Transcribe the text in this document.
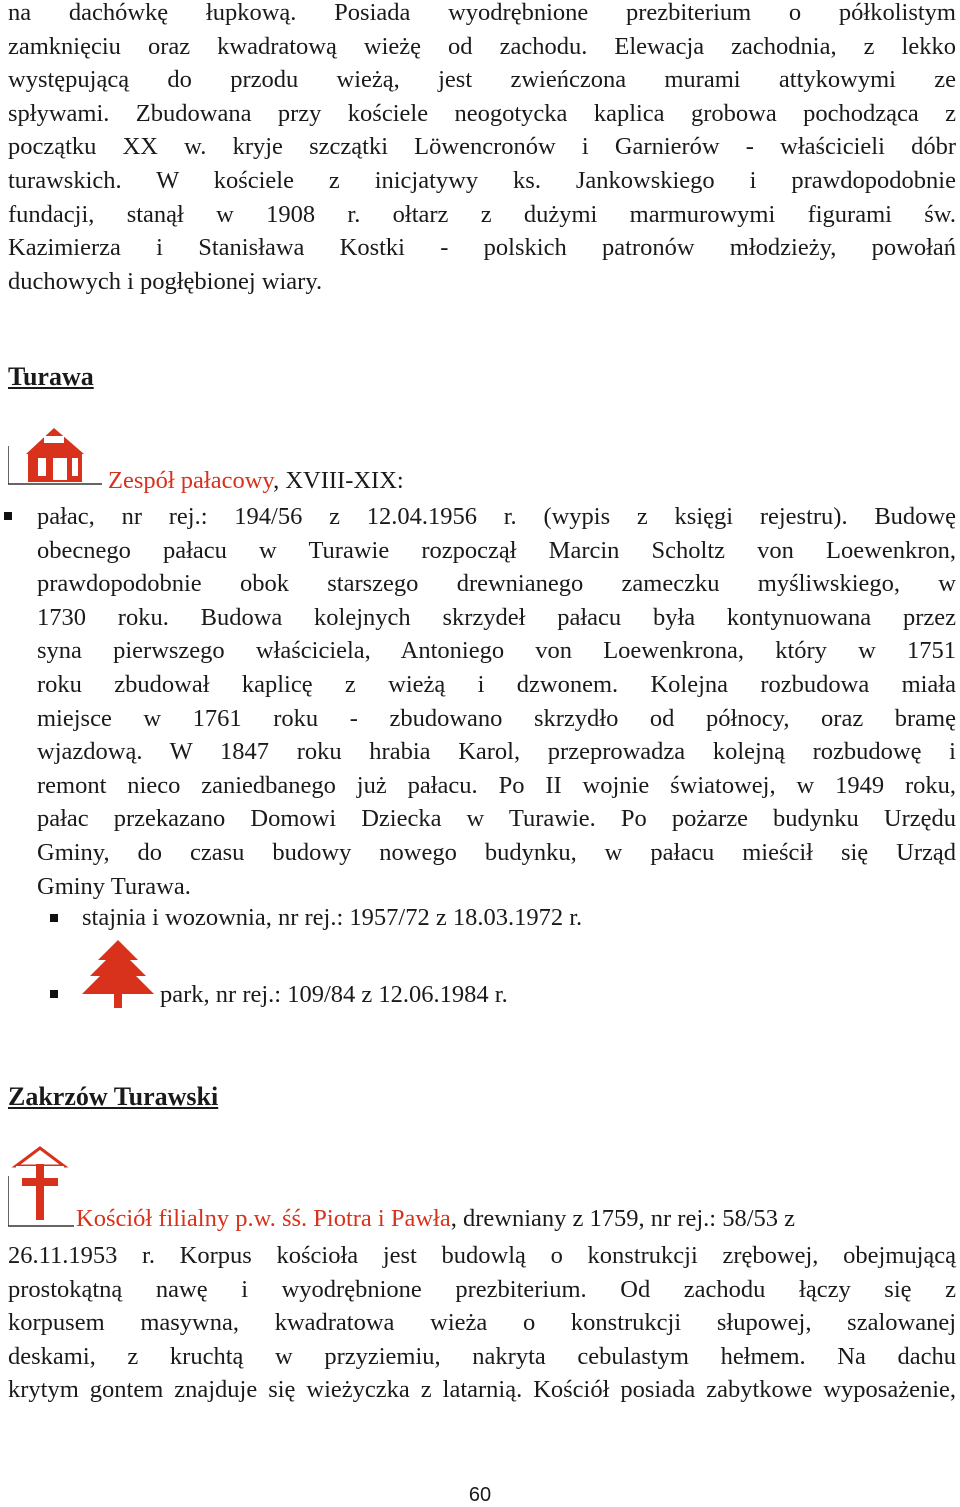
na dachówkę łupkową. Posiada wyodrębnione prezbiterium o półkolistym

zamknięciu oraz kwadratową wieżę od zachodu. Elewacja zachodnia, z lekko

występującą do przodu wieżą, jest zwieńczona murami attykowymi ze

spływami. Zbudowana przy kościele neogotycka kaplica grobowa pochodząca z

początku XX w. kryje szczątki Löwencronów i Garnierów - właścicieli dóbr

turawskich. W kościele z inicjatywy ks. Jankowskiego i prawdopodobnie

fundacji, stanął w 1908 r. ołtarz z dużymi marmurowymi figurami św.

Kazimierza i Stanisława Kostki - polskich patronów młodzieży, powołań

duchowych i pogłębionej wiary.

Turawa
Zespół pałacowy, XVIII-XIX:

pałac, nr rej.: 194/56 z 12.04.1956 r. (wypis z księgi rejestru). Budowę

obecnego pałacu w Turawie rozpoczął Marcin Scholtz von Loewenkron,

prawdopodobnie obok starszego drewnianego zameczku myśliwskiego, w

1730 roku. Budowa kolejnych skrzydeł pałacu była kontynuowana przez

syna pierwszego właściciela, Antoniego von Loewenkrona, który w 1751

roku zbudował kaplicę z wieżą i dzwonem. Kolejna rozbudowa miała

miejsce w 1761 roku - zbudowano skrzydło od północy, oraz bramę

wjazdową. W 1847 roku hrabia Karol, przeprowadza kolejną rozbudowę i

remont nieco zaniedbanego już pałacu. Po II wojnie światowej, w 1949 roku,

pałac przekazano Domowi Dziecka w Turawie. Po pożarze budynku Urzędu

Gminy, do czasu budowy nowego budynku, w pałacu mieścił się Urząd

Gminy Turawa.

stajnia i wozownia, nr rej.: 1957/72 z 18.03.1972 r.
park, nr rej.: 109/84 z 12.06.1984 r.
Zakrzów Turawski
Kościół filialny p.w. śś. Piotra i Pawła, drewniany z 1759, nr rej.: 58/53 z

26.11.1953 r. Korpus kościoła jest budowlą o konstrukcji zrębowej, obejmującą

prostokątną nawę i wyodrębnione prezbiterium. Od zachodu łączy się z

korpusem masywna, kwadratowa wieża o konstrukcji słupowej, szalowanej

deskami, z kruchtą w przyziemiu, nakryta cebulastym hełmem. Na dachu

krytym gontem znajduje się wieżyczka z latarnią. Kościół posiada zabytkowe wyposażenie,

60
